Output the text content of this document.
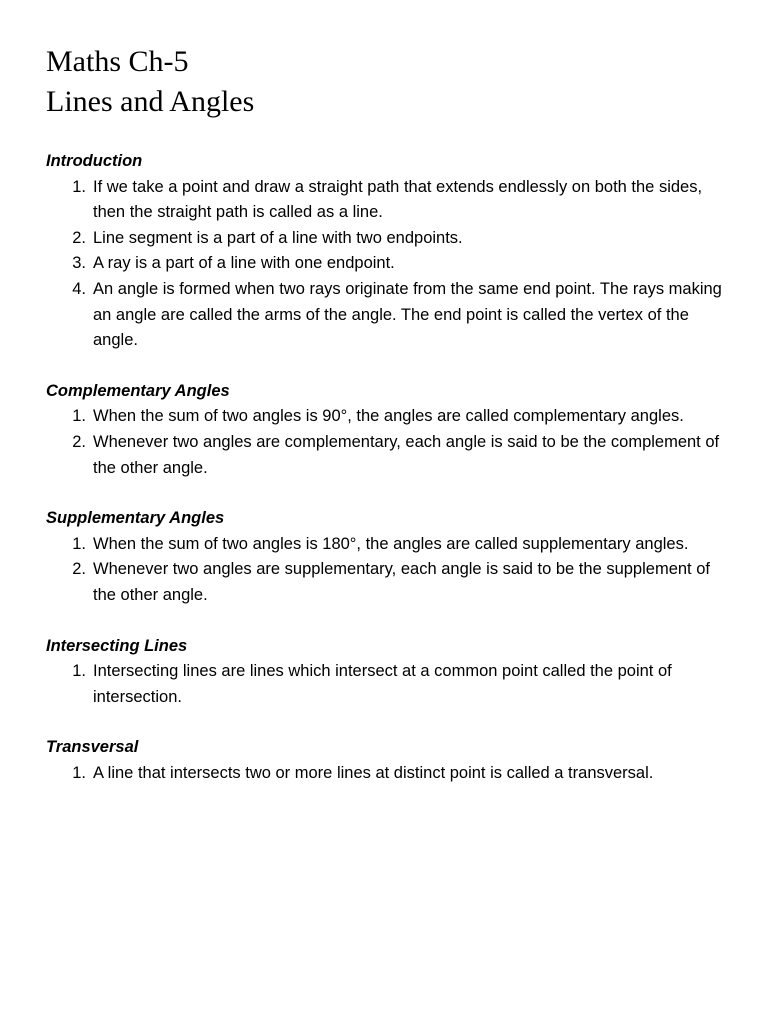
Maths Ch-5
Lines and Angles
Introduction
1. If we take a point and draw a straight path that extends endlessly on both the sides, then the straight path is called as a line.
2. Line segment is a part of a line with two endpoints.
3. A ray is a part of a line with one endpoint.
4. An angle is formed when two rays originate from the same end point. The rays making an angle are called the arms of the angle. The end point is called the vertex of the angle.
Complementary Angles
1. When the sum of two angles is 90°, the angles are called complementary angles.
2. Whenever two angles are complementary, each angle is said to be the complement of the other angle.
Supplementary Angles
1. When the sum of two angles is 180°, the angles are called supplementary angles.
2. Whenever two angles are supplementary, each angle is said to be the supplement of the other angle.
Intersecting Lines
1. Intersecting lines are lines which intersect at a common point called the point of intersection.
Transversal
1. A line that intersects two or more lines at distinct point is called a transversal.
